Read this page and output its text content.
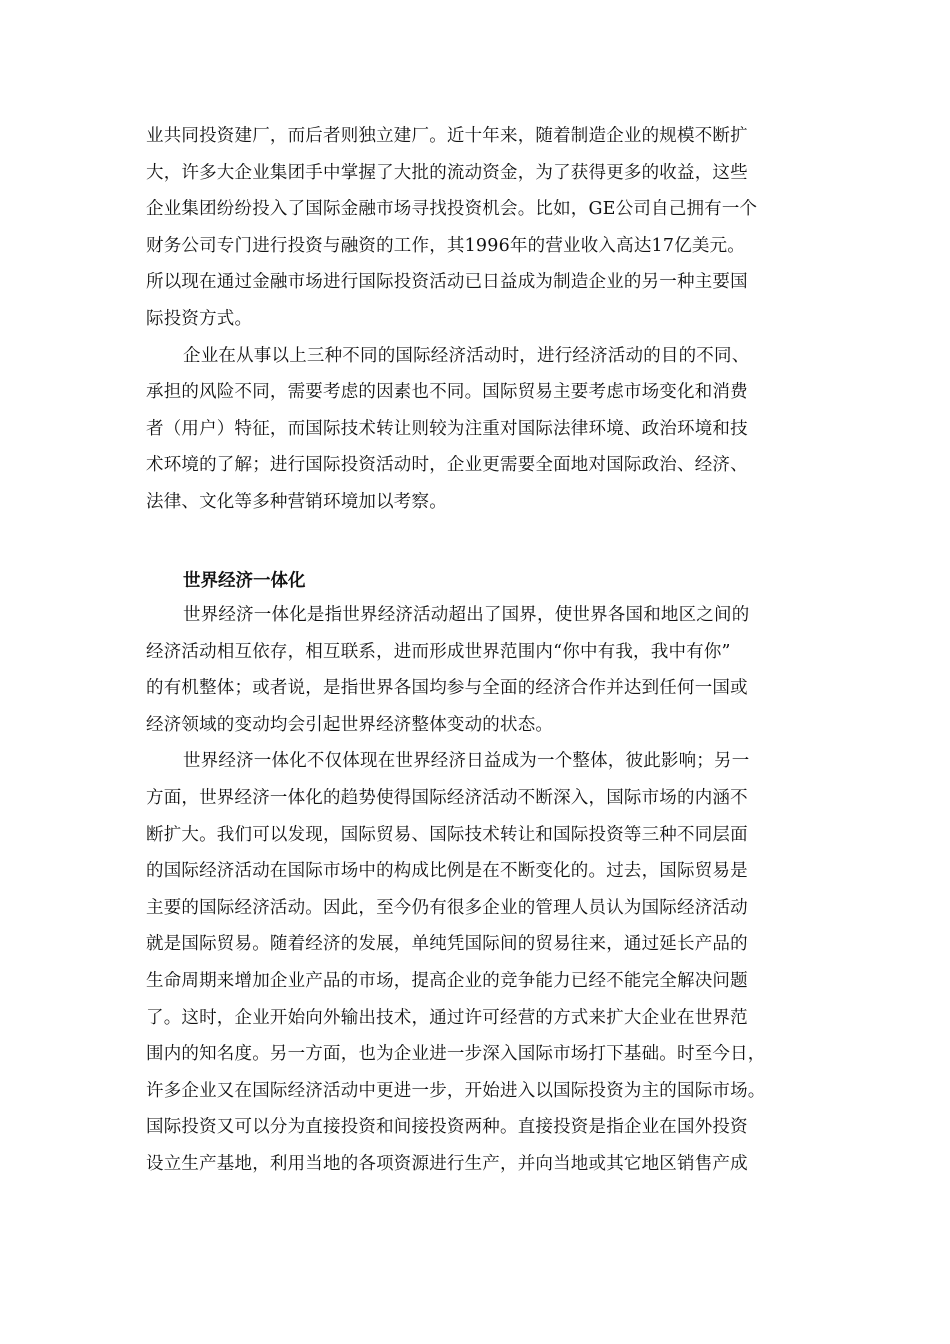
业共同投资建厂，而后者则独立建厂。近十年来，随着制造企业的规模不断扩
大，许多大企业集团手中掌握了大批的流动资金，为了获得更多的收益，这些
企业集团纷纷投入了国际金融市场寻找投资机会。比如，GE公司自己拥有一个
财务公司专门进行投资与融资的工作，其1996年的营业收入高达17亿美元。
所以现在通过金融市场进行国际投资活动已日益成为制造企业的另一种主要国
际投资方式。
企业在从事以上三种不同的国际经济活动时，进行经济活动的目的不同、
承担的风险不同，需要考虑的因素也不同。国际贸易主要考虑市场变化和消费
者（用户）特征，而国际技术转让则较为注重对国际法律环境、政治环境和技
术环境的了解；进行国际投资活动时，企业更需要全面地对国际政治、经济、
法律、文化等多种营销环境加以考察。
世界经济一体化
世界经济一体化是指世界经济活动超出了国界，使世界各国和地区之间的
经济活动相互依存，相互联系，进而形成世界范围内“你中有我，我中有你”
的有机整体；或者说，是指世界各国均参与全面的经济合作并达到任何一国或
经济领域的变动均会引起世界经济整体变动的状态。
世界经济一体化不仅体现在世界经济日益成为一个整体，彼此影响；另一
方面，世界经济一体化的趋势使得国际经济活动不断深入，国际市场的内涵不
断扩大。我们可以发现，国际贸易、国际技术转让和国际投资等三种不同层面
的国际经济活动在国际市场中的构成比例是在不断变化的。过去，国际贸易是
主要的国际经济活动。因此，至今仍有很多企业的管理人员认为国际经济活动
就是国际贸易。随着经济的发展，单纯凭国际间的贸易往来，通过延长产品的
生命周期来增加企业产品的市场，提高企业的竞争能力已经不能完全解决问题
了。这时，企业开始向外输出技术，通过许可经营的方式来扩大企业在世界范
围内的知名度。另一方面，也为企业进一步深入国际市场打下基础。时至今日，
许多企业又在国际经济活动中更进一步，开始进入以国际投资为主的国际市场。
国际投资又可以分为直接投资和间接投资两种。直接投资是指企业在国外投资
设立生产基地，利用当地的各项资源进行生产，并向当地或其它地区销售产成
